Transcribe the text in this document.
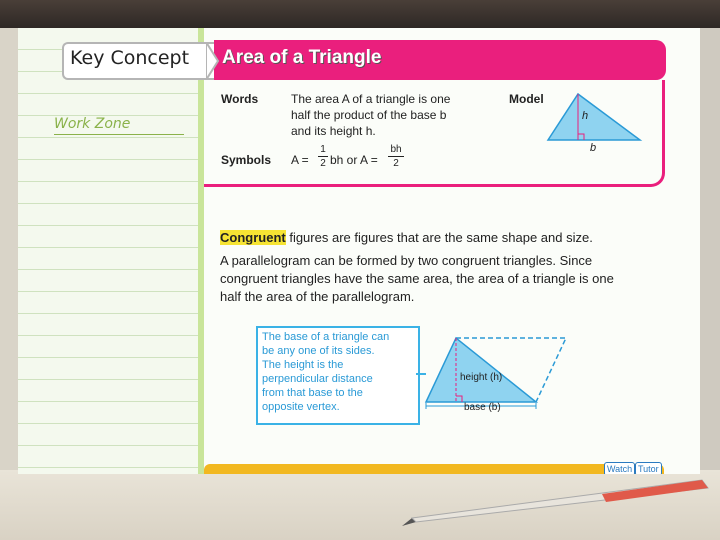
Work Zone
Key Concept Area of a Triangle
Words	The area A of a triangle is one
half the product of the base b
and its height h.
Symbols A =
1
2 bh or A =
bh
2
Model
h
b
Congruent figures are figures that are the same shape and size.
A parallelogram can be formed by two congruent triangles. Since
congruent triangles have the same area, the area of a triangle is one
half the area of the parallelogram.
The base of a triangle can
be any one of its sides.
The height is the
perpendicular distance
from that base to the
opposite vertex.
height (h)
base (b)
Watch Tutor
